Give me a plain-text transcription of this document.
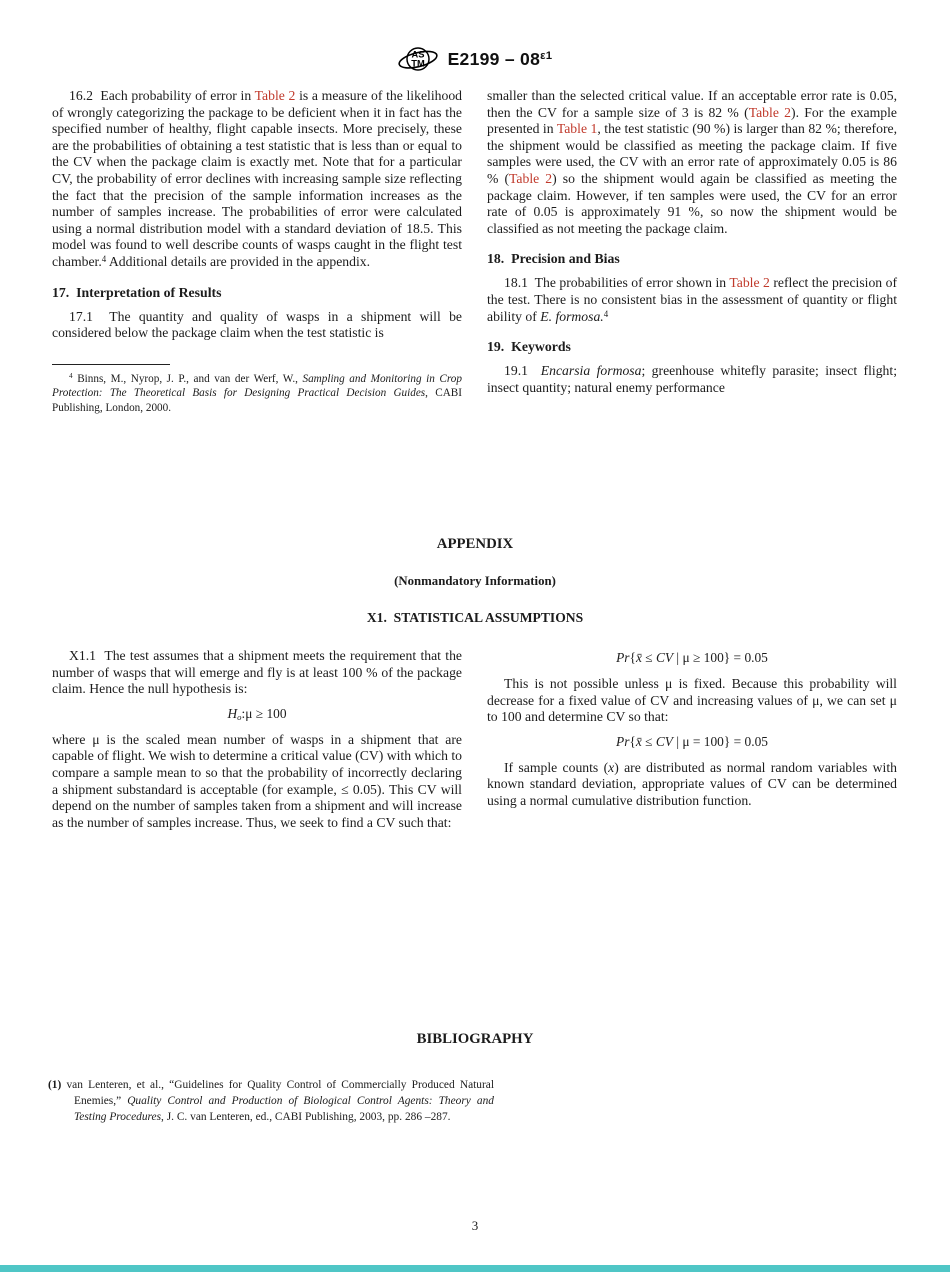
AS
TM $E2199 - 08^{\varepsilon 1}$

16.2  Each probability of error in Table 2 is a measure of the likelihood of wrongly categorizing the package to be deficient when it in fact has the specified number of healthy, flight capable insects. More precisely, these are the probabilities of obtaining a test statistic that is less than or equal to the CV when the package claim is exactly met. Note that for a particular CV, the probability of error declines with increasing sample size reflecting the fact that the precision of the sample information increases as the number of samples increase. The probabilities of error were calculated using a normal distribution model with a standard deviation of 18.5. This model was found to well describe counts of wasps caught in the flight test chamber.$^4$ Additional details are provided in the appendix.

17.  Interpretation of Results

17.1  The quantity and quality of wasps in a shipment will be considered below the package claim when the test statistic is

$^4$ Binns, M., Nyrop, J. P., and van der Werf, W., Sampling and Monitoring in Crop Protection: The Theoretical Basis for Designing Practical Decision Guides, CABI Publishing, London, 2000.

smaller than the selected critical value. If an acceptable error rate is 0.05, then the CV for a sample size of 3 is 82 % (Table 2). For the example presented in Table 1, the test statistic (90 %) is larger than 82 %; therefore, the shipment would be classified as meeting the package claim. If five samples were used, the CV with an error rate of approximately 0.05 is 86 % (Table 2) so the shipment would again be classified as meeting the package claim. However, if ten samples were used, the CV for an error rate of 0.05 is approximately 91 %, so now the shipment would be classified as not meeting the package claim.

18.  Precision and Bias

18.1  The probabilities of error shown in Table 2 reflect the precision of the test. There is no consistent bias in the assessment of quantity or flight ability of E. formosa.$^4$

19.  Keywords

19.1  Encarsia formosa; greenhouse whitefly parasite; insect flight; insect quantity; natural enemy performance

APPENDIX
(Nonmandatory Information)
X1.  STATISTICAL ASSUMPTIONS

X1.1  The test assumes that a shipment meets the requirement that the number of wasps that will emerge and fly is at least 100 % of the package claim. Hence the null hypothesis is:

Ho:μ ≥ 100

where μ is the scaled mean number of wasps in a shipment that are capable of flight. We wish to determine a critical value (CV) with which to compare a sample mean to so that the probability of incorrectly declaring a shipment substandard is acceptable (for example, ≤ 0.05). This CV will depend on the number of samples taken from a shipment and will increase as the number of samples increase. Thus, we seek to find a CV such that:

Pr{x̄ ≤ CV | μ ≥ 100} = 0.05

This is not possible unless μ is fixed. Because this probability will decrease for a fixed value of CV and increasing values of μ, we can set μ to 100 and determine CV so that:

Pr{x̄ ≤ CV | μ = 100} = 0.05

If sample counts (x) are distributed as normal random variables with known standard deviation, appropriate values of CV can be determined using a normal cumulative distribution function.

BIBLIOGRAPHY

(1) van Lenteren, et al., “Guidelines for Quality Control of Commercially Produced Natural Enemies,” Quality Control and Production of Biological Control Agents: Theory and Testing Procedures, J. C. van Lenteren, ed., CABI Publishing, 2003, pp. 286 –287.

3
